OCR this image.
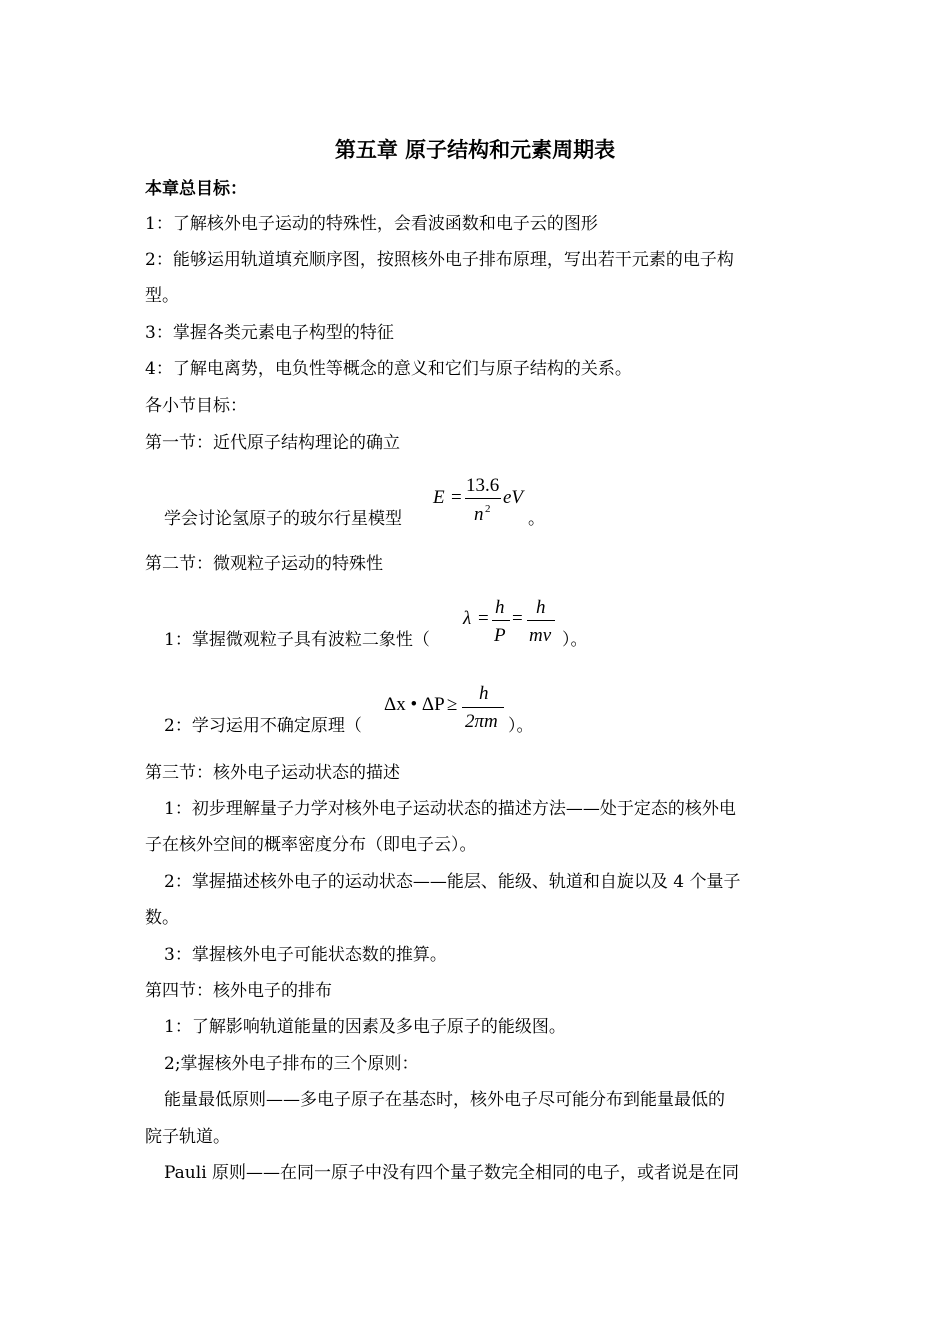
第五章 原子结构和元素周期表
本章总目标：
1：了解核外电子运动的特殊性，会看波函数和电子云的图形
2：能够运用轨道填充顺序图，按照核外电子排布原理，写出若干元素的电子构
型。
3：掌握各类元素电子构型的特征
4：了解电离势，电负性等概念的意义和它们与原子结构的关系。
各小节目标：
第一节：近代原子结构理论的确立
学会讨论氢原子的玻尔行星模型
E =
13.6
n 2
eV
。
第二节：微观粒子运动的特殊性
1：掌握微观粒子具有波粒二象性（
λ =
h
P
=
h
mv ）。
2：学习运用不确定原理（
Δx • ΔP ≥
h
2πm ）。
第三节：核外电子运动状态的描述
1：初步理解量子力学对核外电子运动状态的描述方法——处于定态的核外电
子在核外空间的概率密度分布（即电子云）。
2：掌握描述核外电子的运动状态——能层、能级、轨道和自旋以及 4 个量子
数。
3：掌握核外电子可能状态数的推算。
第四节：核外电子的排布
1：了解影响轨道能量的因素及多电子原子的能级图。
2;掌握核外电子排布的三个原则：
能量最低原则——多电子原子在基态时，核外电子尽可能分布到能量最低的
院子轨道。
Pauli 原则——在同一原子中没有四个量子数完全相同的电子，或者说是在同
